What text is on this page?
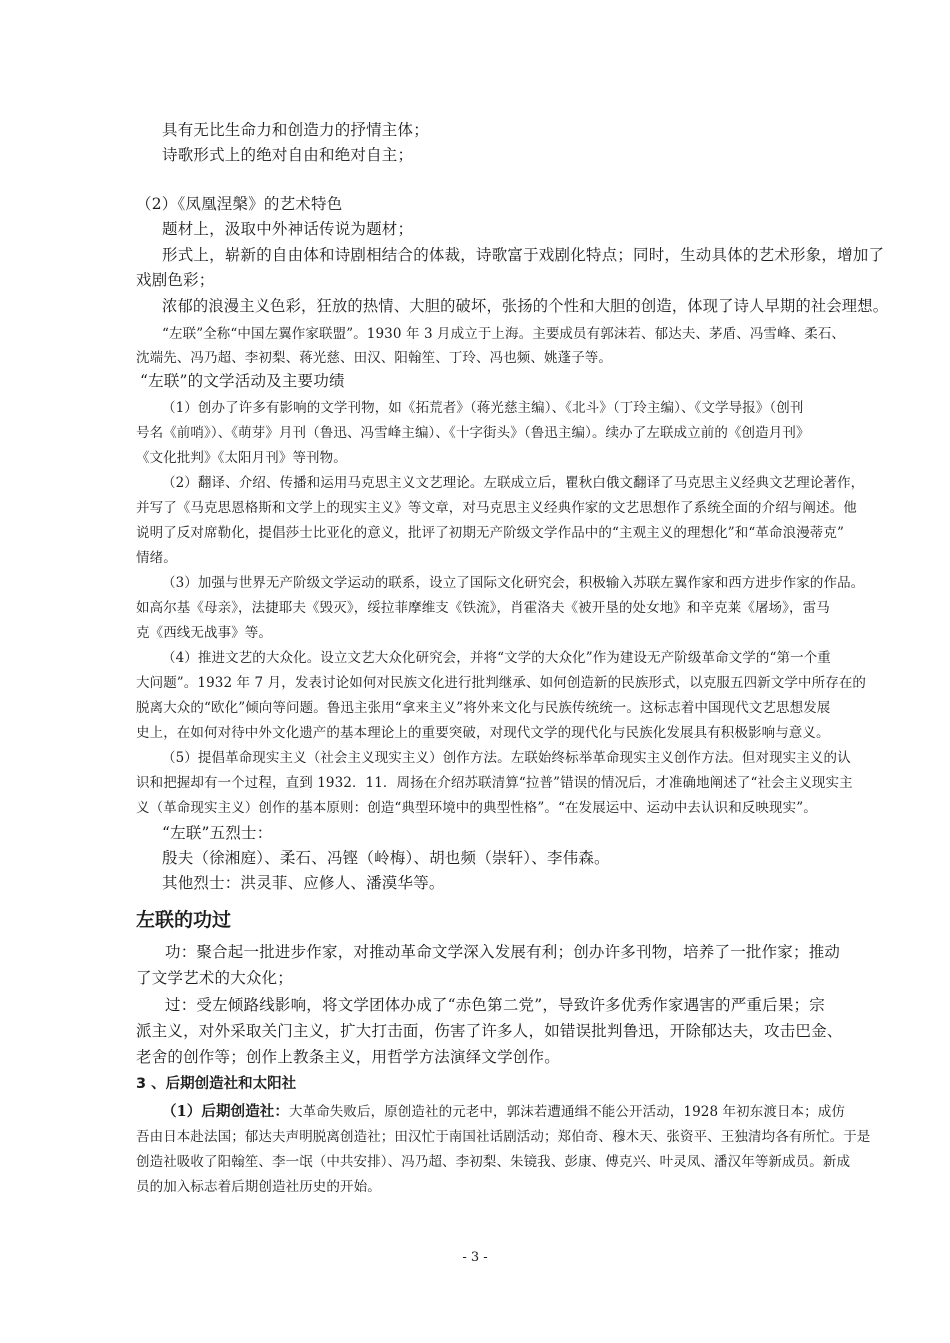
具有无比生命力和创造力的抒情主体；

诗歌形式上的绝对自由和绝对自主；

（2）《凤凰涅槃》的艺术特色

题材上，汲取中外神话传说为题材；

形式上，崭新的自由体和诗剧相结合的体裁，诗歌富于戏剧化特点；同时，生动具体的艺术形象，增加了

戏剧色彩；

浓郁的浪漫主义色彩，狂放的热情、大胆的破坏，张扬的个性和大胆的创造，体现了诗人早期的社会理想。

“左联”全称“中国左翼作家联盟”。1930 年 3 月成立于上海。主要成员有郭沫若、郁达夫、茅盾、冯雪峰、柔石、

沈端先、冯乃超、李初梨、蒋光慈、田汉、阳翰笙、丁玲、冯也频、姚蓬子等。

“左联”的文学活动及主要功绩

（1）创办了许多有影响的文学刊物，如《拓荒者》（蒋光慈主编）、《北斗》（丁玲主编）、《文学导报》（创刊

号名《前哨》）、《萌芽》月刊（鲁迅、冯雪峰主编）、《十字街头》（鲁迅主编）。续办了左联成立前的《创造月刊》

《文化批判》《太阳月刊》等刊物。

（2）翻译、介绍、传播和运用马克思主义文艺理论。左联成立后，瞿秋白俄文翻译了马克思主义经典文艺理论著作，

并写了《马克思恩格斯和文学上的现实主义》等文章，对马克思主义经典作家的文艺思想作了系统全面的介绍与阐述。他

说明了反对席勒化，提倡莎士比亚化的意义，批评了初期无产阶级文学作品中的“主观主义的理想化”和“革命浪漫蒂克”

情绪。

（3）加强与世界无产阶级文学运动的联系，设立了国际文化研究会，积极输入苏联左翼作家和西方进步作家的作品。

如高尔基《母亲》，法捷耶夫《毁灭》，绥拉菲摩维支《铁流》，肖霍洛夫《被开垦的处女地》和辛克莱《屠场》，雷马

克《西线无战事》等。

（4）推进文艺的大众化。设立文艺大众化研究会，并将“文学的大众化”作为建设无产阶级革命文学的“第一个重

大问题”。1932 年 7 月，发表讨论如何对民族文化进行批判继承、如何创造新的民族形式，以克服五四新文学中所存在的

脱离大众的“欧化”倾向等问题。鲁迅主张用“拿来主义”将外来文化与民族传统统一。这标志着中国现代文艺思想发展

史上，在如何对待中外文化遗产的基本理论上的重要突破，对现代文学的现代化与民族化发展具有积极影响与意义。

（5）提倡革命现实主义（社会主义现实主义）创作方法。左联始终标举革命现实主义创作方法。但对现实主义的认

识和把握却有一个过程，直到 1932．11．周扬在介绍苏联清算“拉普”错误的情况后，才准确地阐述了“社会主义现实主

义（革命现实主义）创作的基本原则：创造“典型环境中的典型性格”。“在发展运中、运动中去认识和反映现实”。

“左联”五烈士：

殷夫（徐湘庭）、柔石、冯铿（岭梅）、胡也频（崇轩）、李伟森。

其他烈士：洪灵菲、应修人、潘漠华等。

左联的功过

功：聚合起一批进步作家，对推动革命文学深入发展有利；创办许多刊物，培养了一批作家；推动

了文学艺术的大众化；

过：受左倾路线影响，将文学团体办成了“赤色第二党”，导致许多优秀作家遇害的严重后果；宗

派主义，对外采取关门主义，扩大打击面，伤害了许多人，如错误批判鲁迅，开除郁达夫，攻击巴金、

老舍的创作等；创作上教条主义，用哲学方法演绎文学创作。

3 、后期创造社和太阳社

（1）后期创造社：大革命失败后，原创造社的元老中，郭沫若遭通缉不能公开活动，1928 年初东渡日本；成仿

吾由日本赴法国；郁达夫声明脱离创造社；田汉忙于南国社话剧活动；郑伯奇、穆木天、张资平、王独清均各有所忙。于是

创造社吸收了阳翰笙、李一氓（中共安排）、冯乃超、李初梨、朱镜我、彭康、傅克兴、叶灵凤、潘汉年等新成员。新成

员的加入标志着后期创造社历史的开始。

- 3 -
